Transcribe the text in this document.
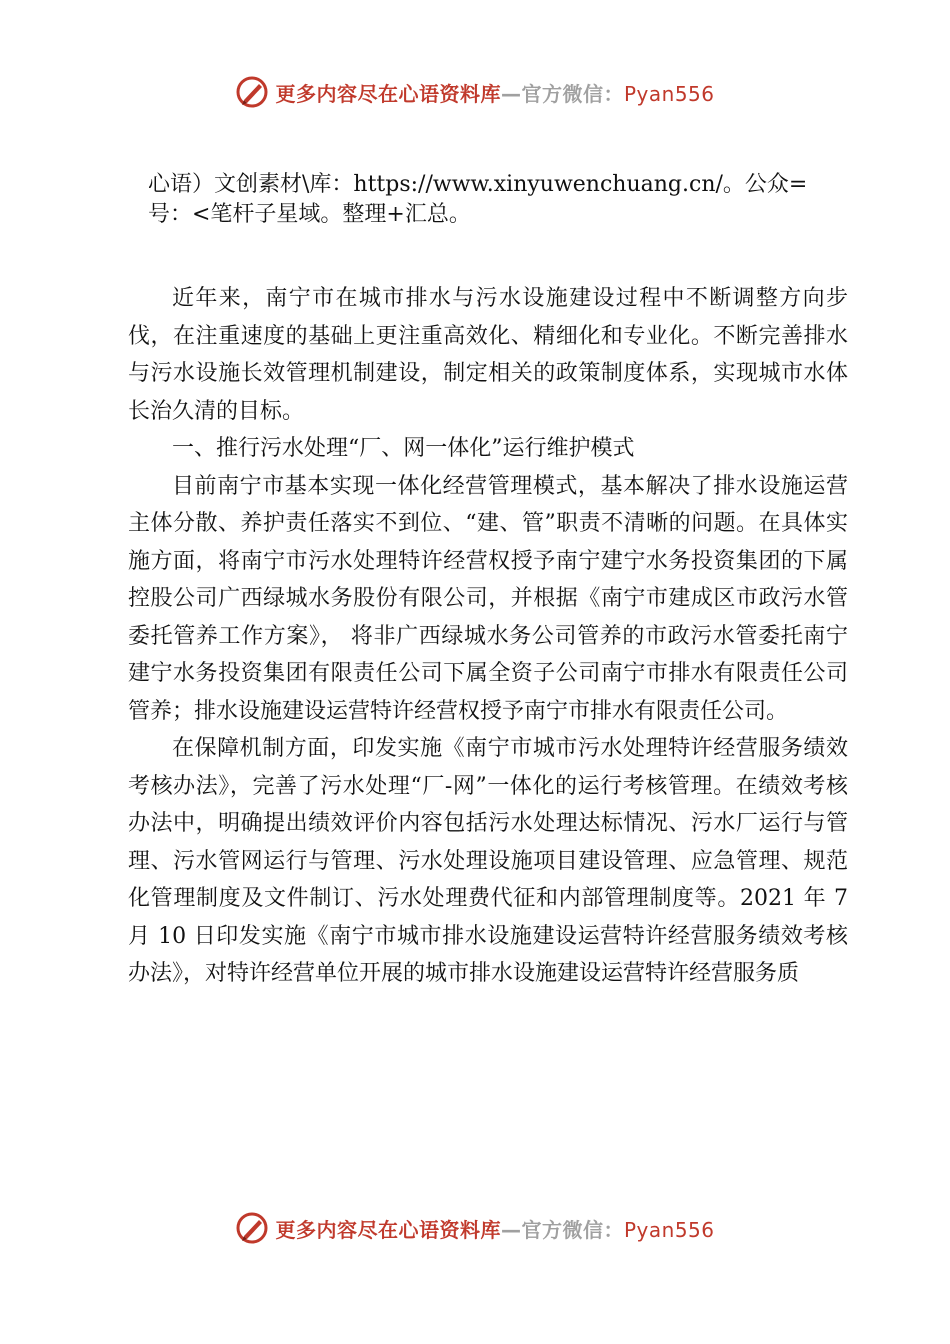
更多内容尽在心语资料库—官方微信：Pyan556
心语）文创素材\库：https://www.xinyuwenchuang.cn/。公众=
号：<笔杆子星域。整理+汇总。

近年来，南宁市在城市排水与污水设施建设过程中不断调整方向步伐，在注重速度的基础上更注重高效化、精细化和专业化。不断完善排水与污水设施长效管理机制建设，制定相关的政策制度体系，实现城市水体长治久清的目标。

一、推行污水处理“厂、网一体化”运行维护模式

目前南宁市基本实现一体化经营管理模式，基本解决了排水设施运营主体分散、养护责任落实不到位、“建、管”职责不清晰的问题。在具体实施方面，将南宁市污水处理特许经营权授予南宁建宁水务投资集团的下属控股公司广西绿城水务股份有限公司，并根据《南宁市建成区市政污水管委托管养工作方案》， 将非广西绿城水务公司管养的市政污水管委托南宁建宁水务投资集团有限责任公司下属全资子公司南宁市排水有限责任公司管养；排水设施建设运营特许经营权授予南宁市排水有限责任公司。

在保障机制方面，印发实施《南宁市城市污水处理特许经营服务绩效考核办法》，完善了污水处理“厂-网”一体化的运行考核管理。在绩效考核办法中，明确提出绩效评价内容包括污水处理达标情况、污水厂运行与管理、污水管网运行与管理、污水处理设施项目建设管理、应急管理、规范化管理制度及文件制订、污水处理费代征和内部管理制度等。2021 年 7 月 10 日印发实施《南宁市城市排水设施建设运营特许经营服务绩效考核办法》，对特许经营单位开展的城市排水设施建设运营特许经营服务质

更多内容尽在心语资料库—官方微信：Pyan556
